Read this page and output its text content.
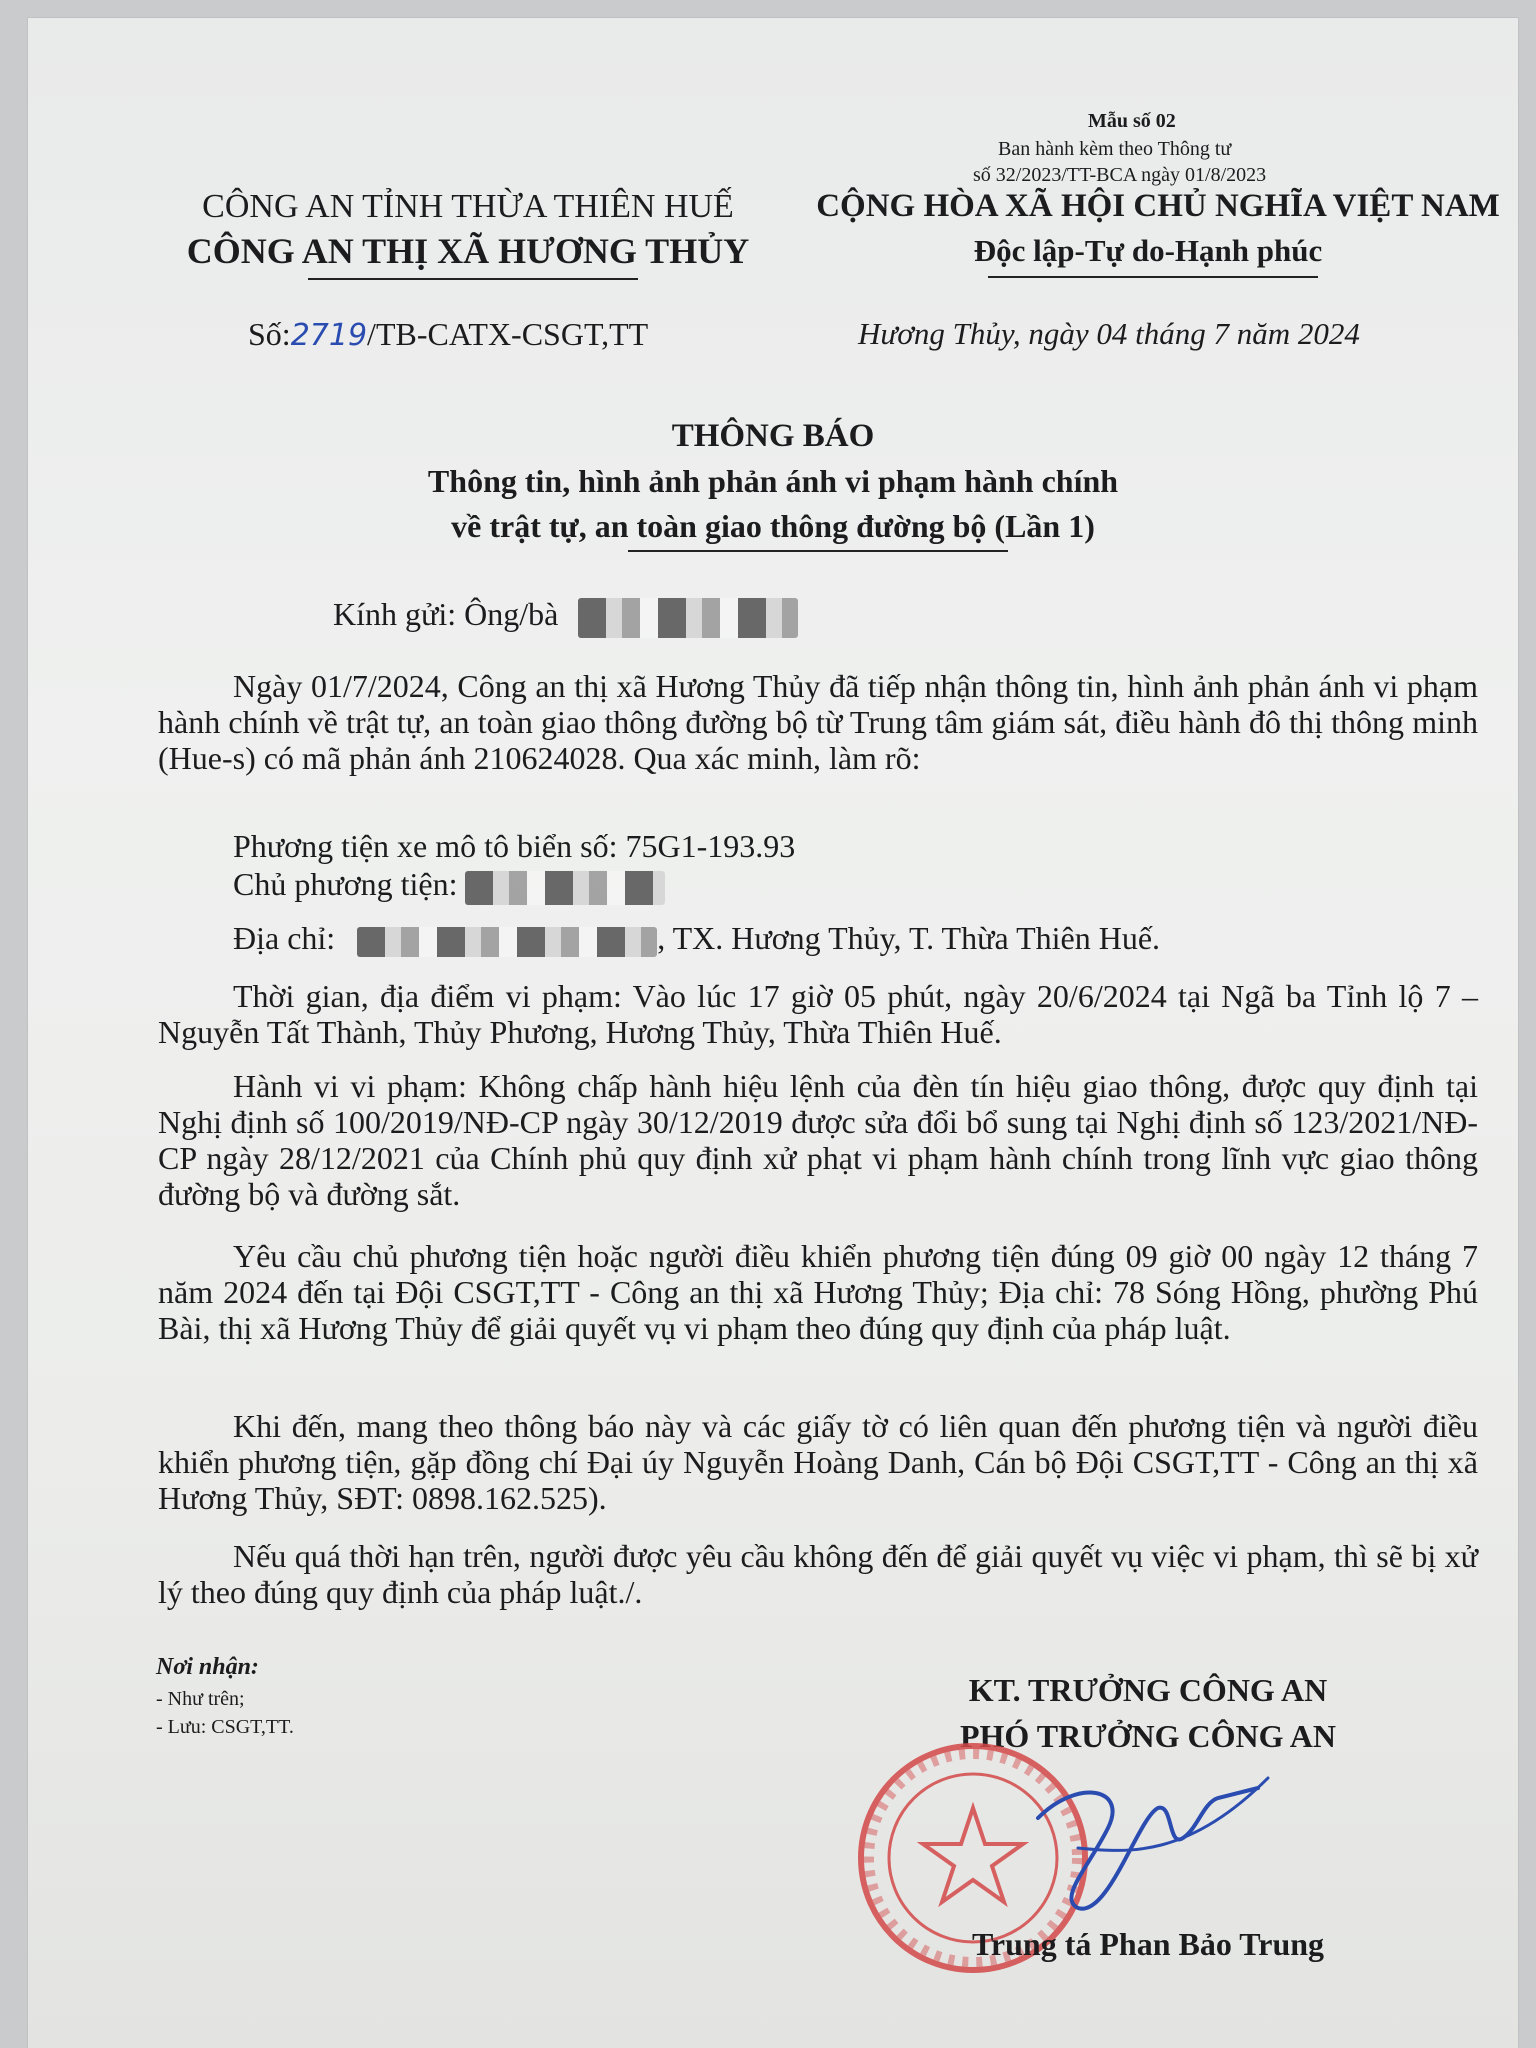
CÔNG AN TỈNH THỪA THIÊN HUẾ
CÔNG AN THỊ XÃ HƯƠNG THỦY
Số:2719/TB-CATX-CSGT,TT
Mẫu số 02
Ban hành kèm theo Thông tư
số 32/2023/TT-BCA ngày 01/8/2023
CỘNG HÒA XÃ HỘI CHỦ NGHĨA VIỆT NAM
Độc lập-Tự do-Hạnh phúc
Hương Thủy, ngày 04 tháng 7 năm 2024
THÔNG BÁO
Thông tin, hình ảnh phản ánh vi phạm hành chính
về trật tự, an toàn giao thông đường bộ (Lần 1)
Kính gửi: Ông/bà
Ngày 01/7/2024, Công an thị xã Hương Thủy đã tiếp nhận thông tin, hình ảnh phản ánh vi phạm hành chính về trật tự, an toàn giao thông đường bộ từ Trung tâm giám sát, điều hành đô thị thông minh (Hue-s) có mã phản ánh 210624028. Qua xác minh, làm rõ:
Phương tiện xe mô tô biển số: 75G1-193.93
Chủ phương tiện:
Địa chỉ:	, TX. Hương Thủy, T. Thừa Thiên Huế.
Thời gian, địa điểm vi phạm: Vào lúc 17 giờ 05 phút, ngày 20/6/2024 tại Ngã ba Tỉnh lộ 7 – Nguyễn Tất Thành, Thủy Phương, Hương Thủy, Thừa Thiên Huế.
Hành vi vi phạm: Không chấp hành hiệu lệnh của đèn tín hiệu giao thông, được quy định tại Nghị định số 100/2019/NĐ-CP ngày 30/12/2019 được sửa đổi bổ sung tại Nghị định số 123/2021/NĐ-CP ngày 28/12/2021 của Chính phủ quy định xử phạt vi phạm hành chính trong lĩnh vực giao thông đường bộ và đường sắt.
Yêu cầu chủ phương tiện hoặc người điều khiển phương tiện đúng 09 giờ 00 ngày 12 tháng 7 năm 2024 đến tại Đội CSGT,TT - Công an thị xã Hương Thủy; Địa chỉ: 78 Sóng Hồng, phường Phú Bài, thị xã Hương Thủy để giải quyết vụ vi phạm theo đúng quy định của pháp luật.
Khi đến, mang theo thông báo này và các giấy tờ có liên quan đến phương tiện và người điều khiển phương tiện, gặp đồng chí Đại úy Nguyễn Hoàng Danh, Cán bộ Đội CSGT,TT - Công an thị xã Hương Thủy, SĐT: 0898.162.525).
Nếu quá thời hạn trên, người được yêu cầu không đến để giải quyết vụ việc vi phạm, thì sẽ bị xử lý theo đúng quy định của pháp luật./.
Nơi nhận:
- Như trên;
- Lưu: CSGT,TT.
KT. TRƯỞNG CÔNG AN
PHÓ TRƯỞNG CÔNG AN
Trung tá Phan Bảo Trung
